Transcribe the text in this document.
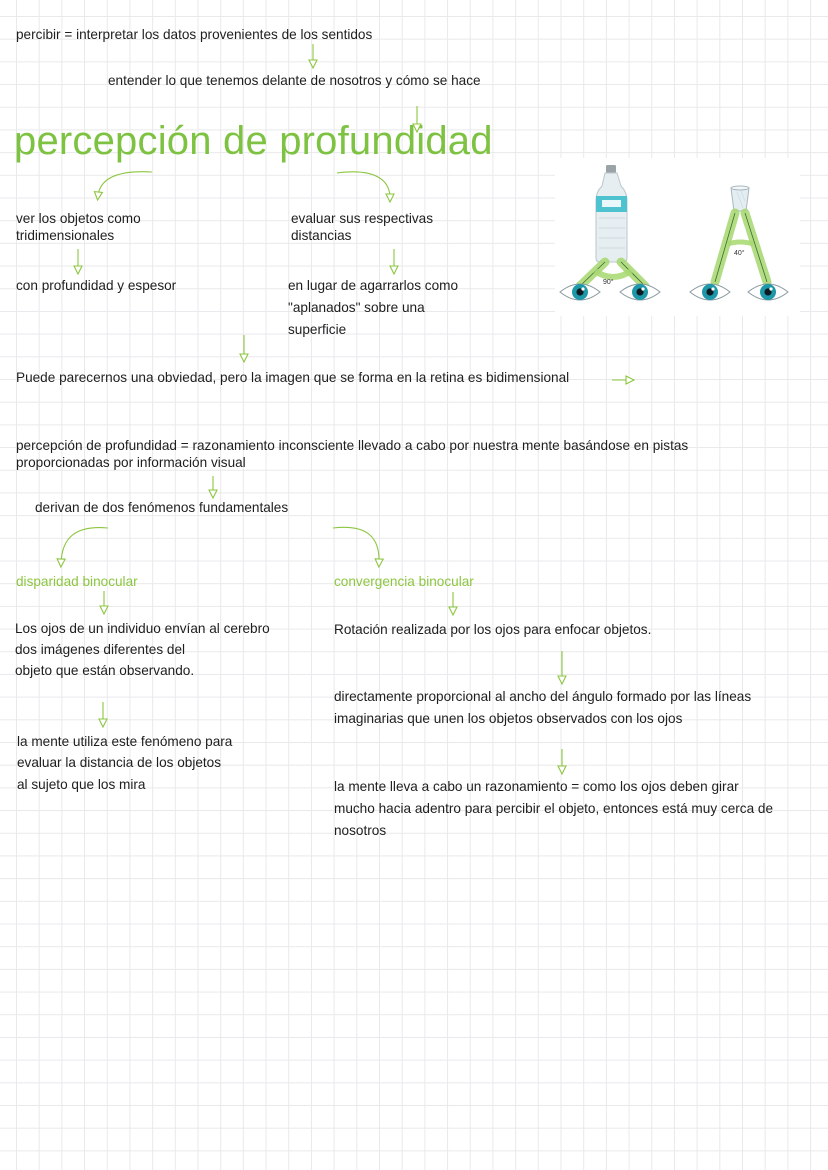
percibir = interpretar los datos provenientes de los sentidos
entender lo que tenemos delante de nosotros y cómo se hace
percepción de profundidad
ver los objetos como
tridimensionales
con profundidad y espesor
evaluar sus respectivas
distancias
en lugar de agarrarlos como
"aplanados" sobre una
superficie
90°
40°
Puede parecernos una obviedad, pero la imagen que se forma en la retina es bidimensional
percepción de profundidad = razonamiento inconsciente llevado a cabo por nuestra mente basándose en pistas
proporcionadas por información visual
derivan de dos fenómenos fundamentales
disparidad binocular	convergencia binocular
Los ojos de un individuo envían al cerebro
dos imágenes diferentes del
objeto que están observando.
la mente utiliza este fenómeno para
evaluar la distancia de los objetos
al sujeto que los mira
Rotación realizada por los ojos para enfocar objetos.
directamente proporcional al ancho del ángulo formado por las líneas
imaginarias que unen los objetos observados con los ojos
la mente lleva a cabo un razonamiento = como los ojos deben girar
mucho hacia adentro para percibir el objeto, entonces está muy cerca de
nosotros
